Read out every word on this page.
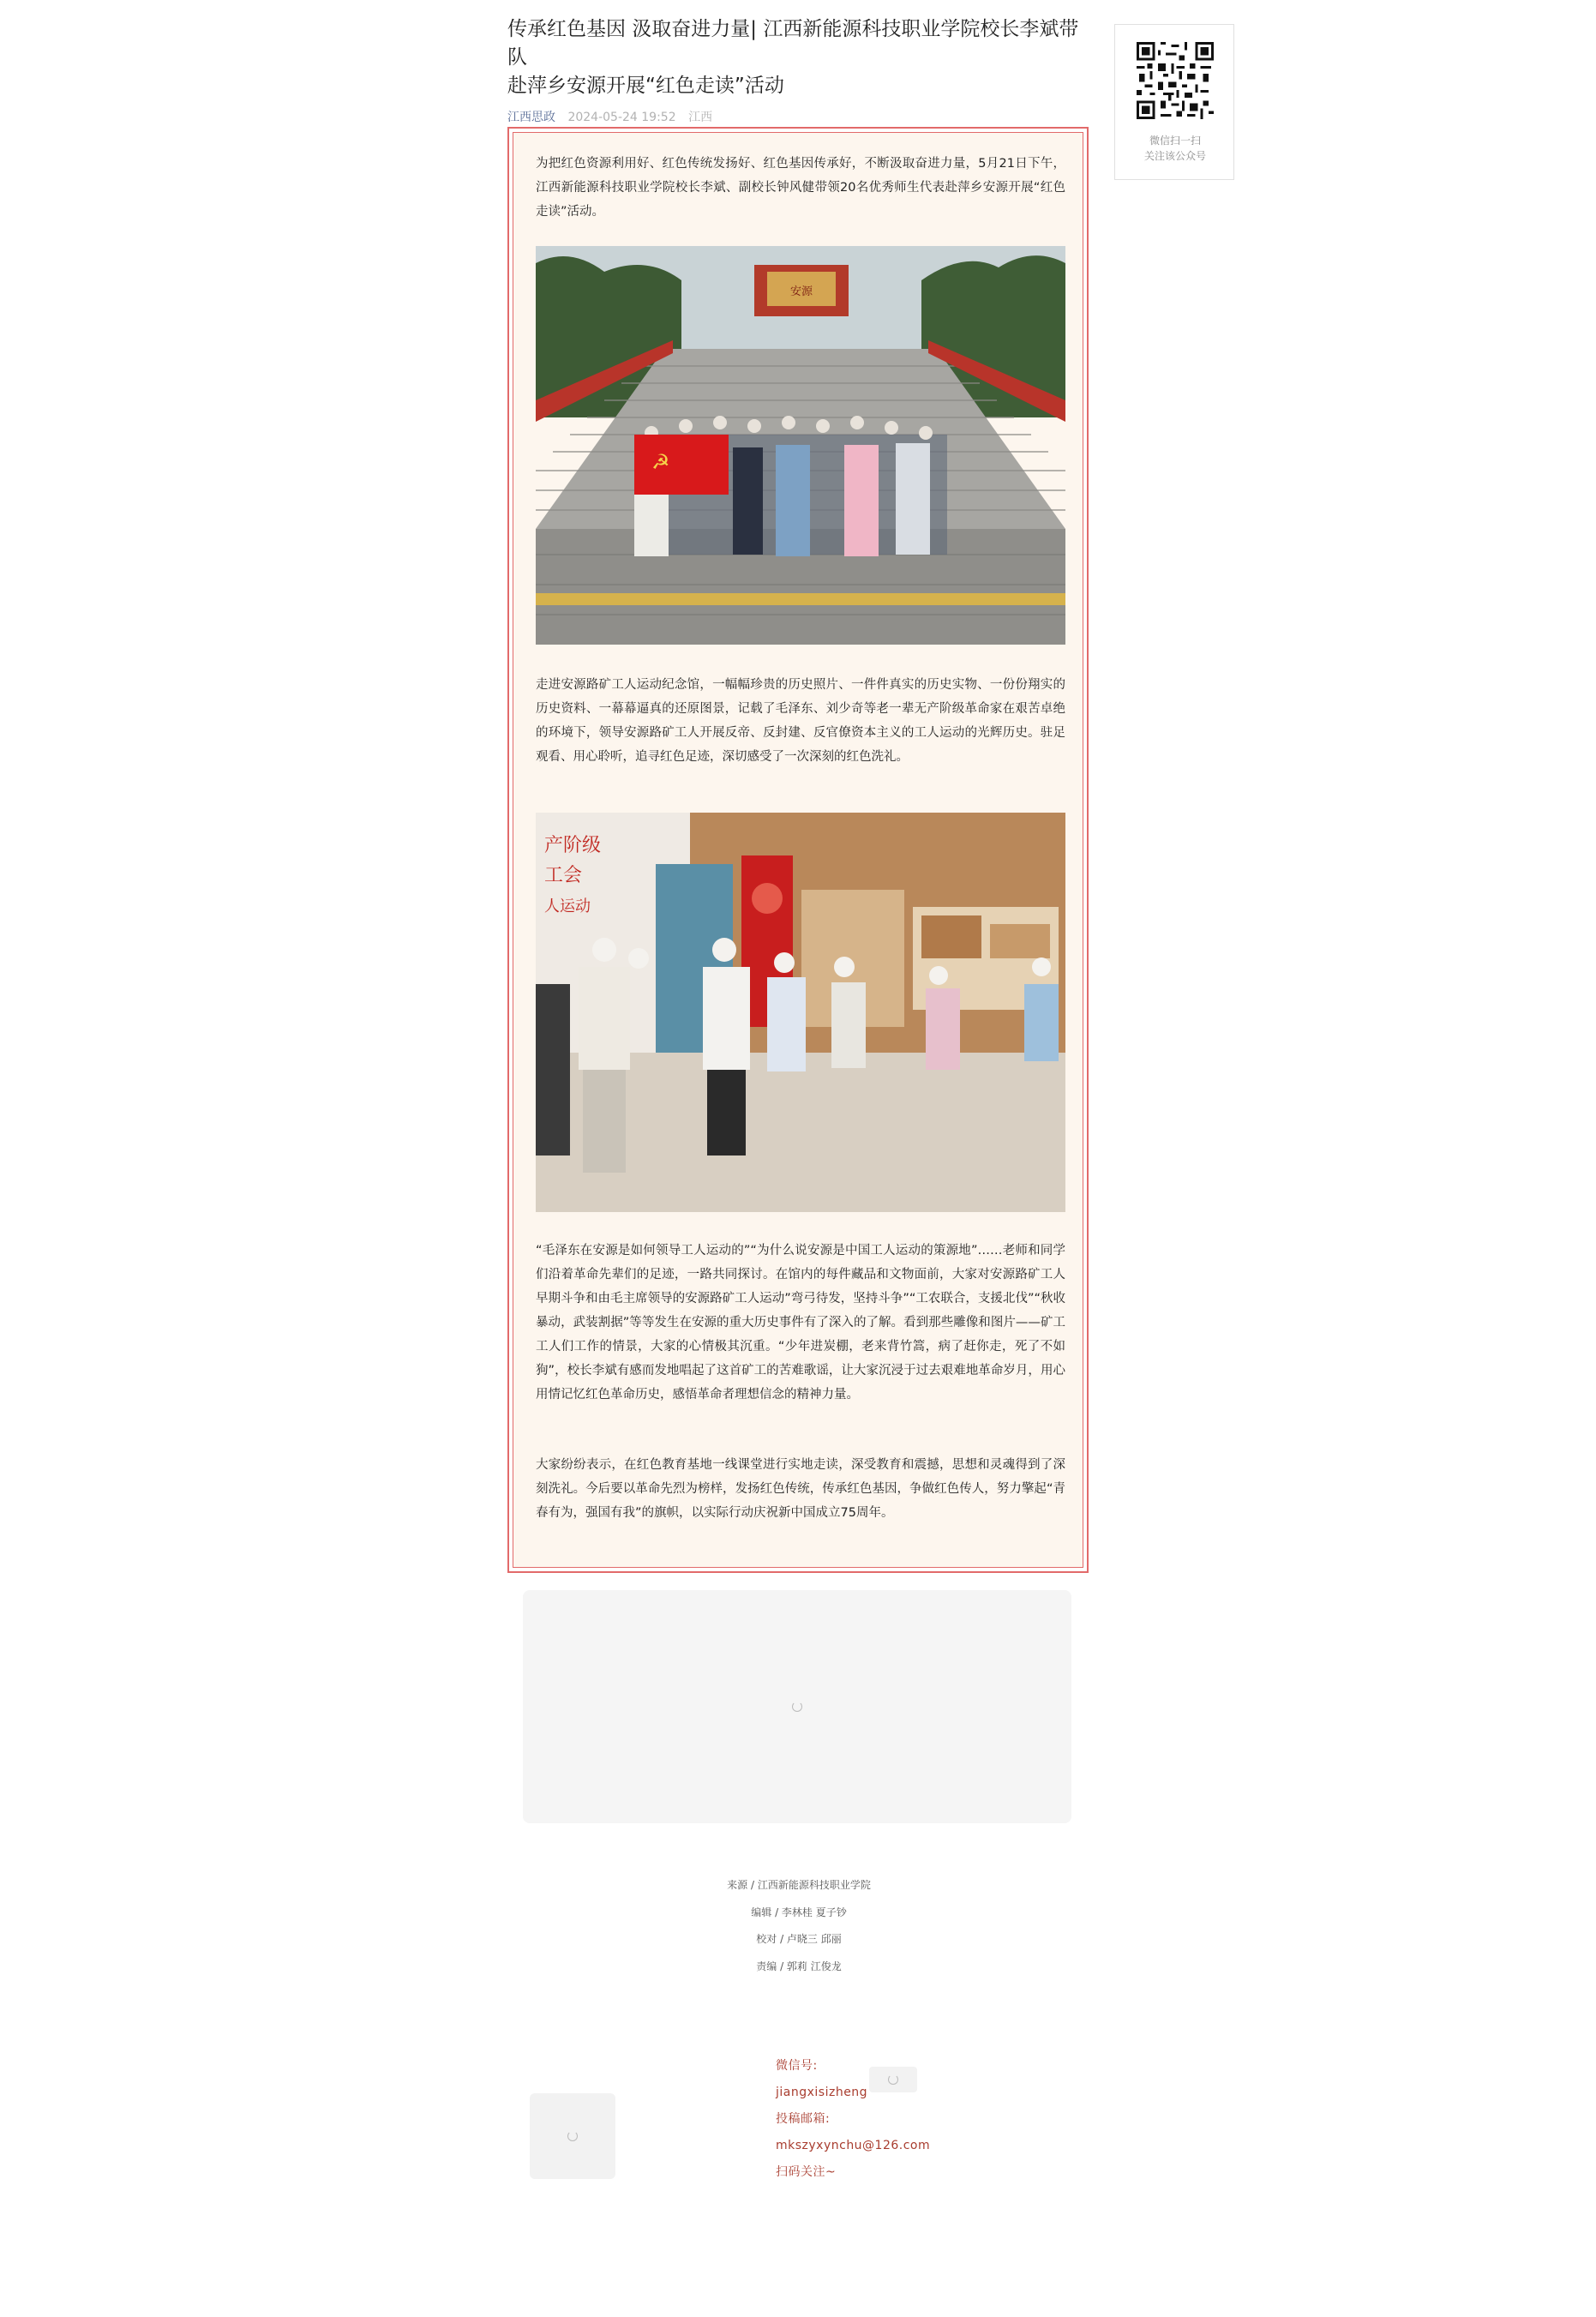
传承红色基因 汲取奋进力量| 江西新能源科技职业学院校长李斌带队
赴萍乡安源开展“红色走读”活动
江西思政 2024-05-24 19:52 江西
微信扫一扫
关注该公众号

为把红色资源利用好、红色传统发扬好、红色基因传承好，不断汲取奋进力量，5月21日下午，江西新能源科技职业学院校长李斌、副校长钟风健带领20名优秀师生代表赴萍乡安源开展“红色走读”活动。

安源
☭

走进安源路矿工人运动纪念馆，一幅幅珍贵的历史照片、一件件真实的历史实物、一份份翔实的历史资料、一幕幕逼真的还原图景，记载了毛泽东、刘少奇等老一辈无产阶级革命家在艰苦卓绝的环境下，领导安源路矿工人开展反帝、反封建、反官僚资本主义的工人运动的光辉历史。驻足观看、用心聆听，追寻红色足迹，深切感受了一次深刻的红色洗礼。

产阶级
工会
人运动

“毛泽东在安源是如何领导工人运动的”“为什么说安源是中国工人运动的策源地”……老师和同学们沿着革命先辈们的足迹，一路共同探讨。在馆内的每件藏品和文物面前，大家对安源路矿工人早期斗争和由毛主席领导的安源路矿工人运动”弯弓待发，坚持斗争”“工农联合，支援北伐”“秋收暴动，武装割据”等等发生在安源的重大历史事件有了深入的了解。看到那些雕像和图片——矿工工人们工作的情景，大家的心情极其沉重。“少年进炭棚，老来背竹篙，病了赶你走，死了不如狗”，校长李斌有感而发地唱起了这首矿工的苦难歌谣，让大家沉浸于过去艰难地革命岁月，用心用情记忆红色革命历史，感悟革命者理想信念的精神力量。

大家纷纷表示，在红色教育基地一线课堂进行实地走读，深受教育和震撼，思想和灵魂得到了深刻洗礼。今后要以革命先烈为榜样，发扬红色传统，传承红色基因，争做红色传人，努力擎起“青春有为，强国有我”的旗帜，以实际行动庆祝新中国成立75周年。

来源 / 江西新能源科技职业学院
编辑 / 李林桂 夏子钞
校对 / 卢晓三 邱丽
责编 / 郭莉 江俊龙
微信号:
jiangxisizheng
投稿邮箱:
mkszyxynchu@126.com
扫码关注~
